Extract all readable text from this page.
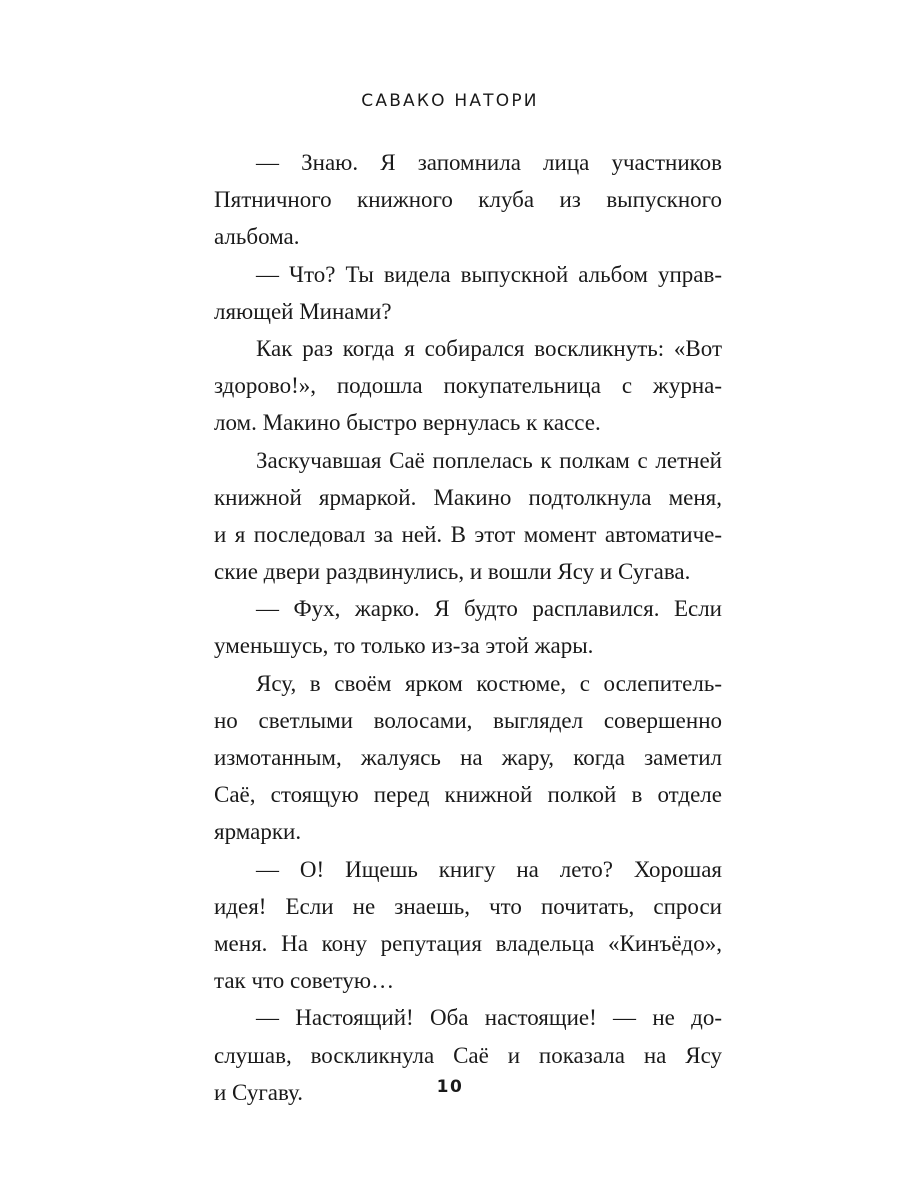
САВАКО НАТОРИ
— Знаю. Я запомнила лица участников
Пятничного книжного клуба из выпускного
альбома.
— Что? Ты видела выпускной альбом управ-
ляющей Минами?
Как раз когда я собирался воскликнуть: «Вот
здорово!», подошла покупательница с журна-
лом. Макино быстро вернулась к кассе.
Заскучавшая Саё поплелась к полкам с летней
книжной ярмаркой. Макино подтолкнула меня,
и я последовал за ней. В этот момент автоматиче-
ские двери раздвинулись, и вошли Ясу и Сугава.
— Фух, жарко. Я будто расплавился. Если
уменьшусь, то только из-за этой жары.
Ясу, в своём ярком костюме, с ослепитель-
но светлыми волосами, выглядел совершенно
измотанным, жалуясь на жару, когда заметил
Саё, стоящую перед книжной полкой в отделе
ярмарки.
— О! Ищешь книгу на лето? Хорошая
идея! Если не знаешь, что почитать, спроси
меня. На кону репутация владельца «Кинъёдо»,
так что советую…
— Настоящий! Оба настоящие! — не до-
слушав, воскликнула Саё и показала на Ясу
и Сугаву.	10
